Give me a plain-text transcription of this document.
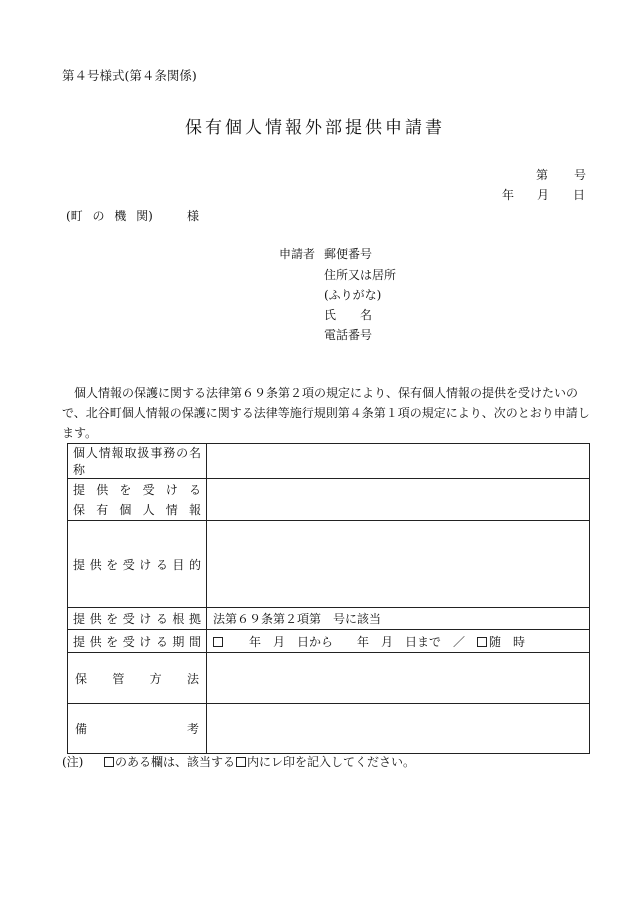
第４号様式(第４条関係)
保有個人情報外部提供申請書
第 号
年 月 日
(町 の 機 関)	様
申請者 郵便番号
住所又は居所
(ふりがな)
氏　　名
電話番号
個人情報の保護に関する法律第６９条第２項の規定により、保有個人情報の提供を受けたいので、北谷町個人情報の保護に関する法律等施行規則第４条第１項の規定により、次のとおり申請します。
個人情報取扱事務の名称	

提供を受ける
保有個人情報	

提供を受ける目的	

提供を受ける根拠	法第６９条第２項第　号に該当

提供を受ける期間	　　年　月　日から　　年　月　日まで　／　随　時

保管方法	

備考	

(注)	のある欄は、該当する 内にレ印を記入してください。
